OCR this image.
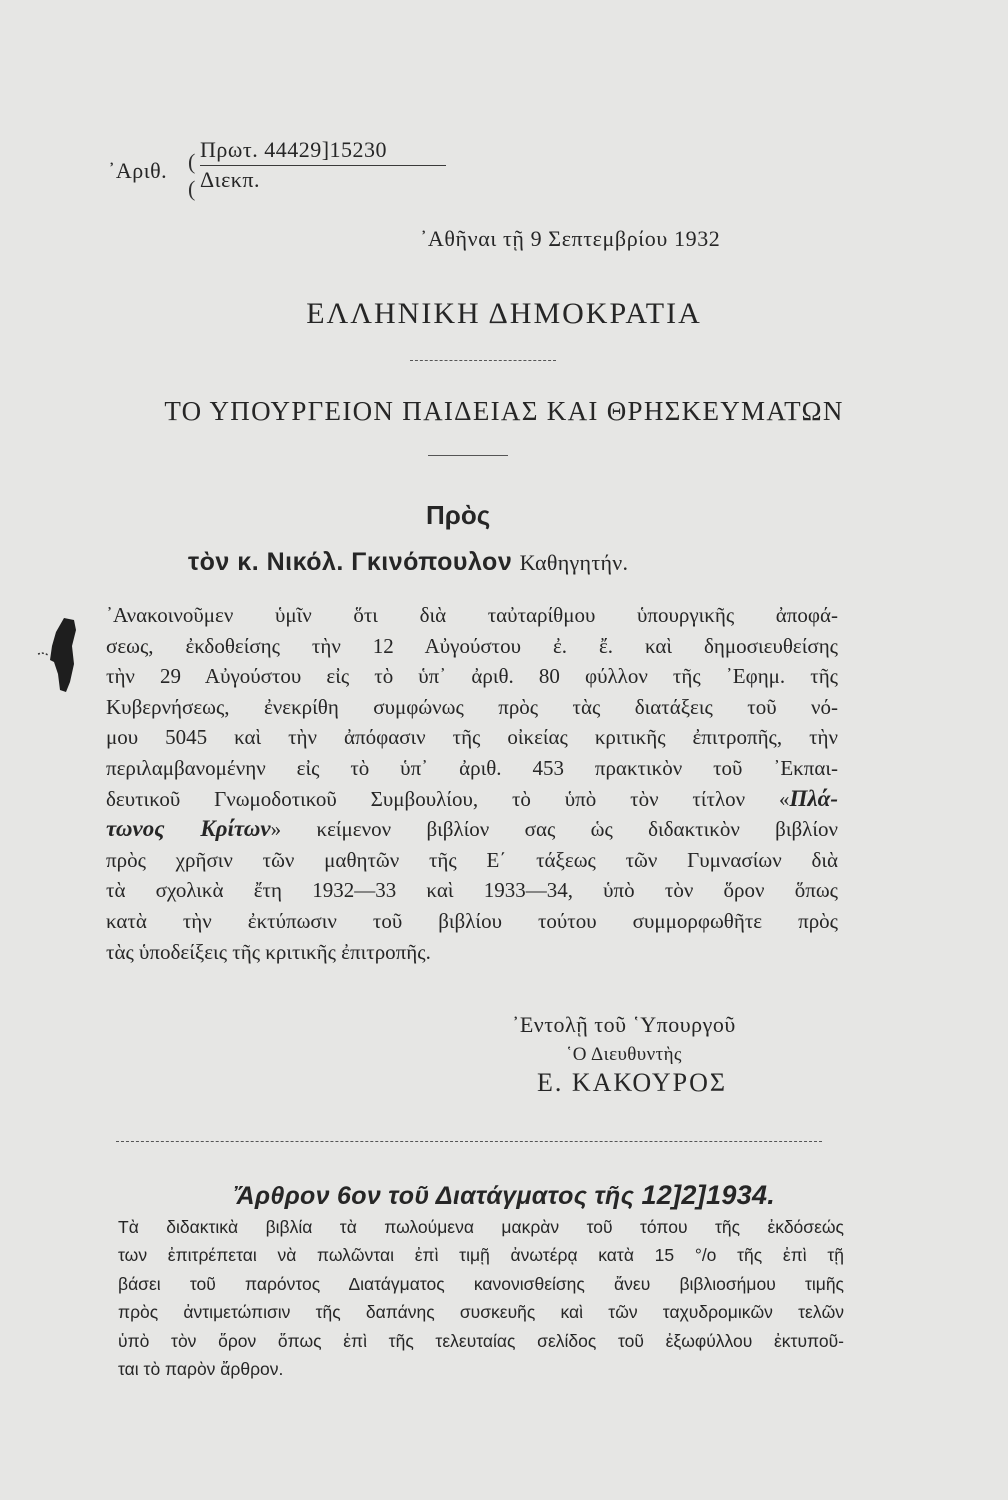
᾿Αριθ. (
(
Πρωτ. 44429]15230
Διεκπ.
᾿Αθῆναι τῇ 9 Σεπτεμβρίου 1932
ΕΛΛΗΝΙΚΗ ΔΗΜΟΚΡΑΤΙΑ
ΤΟ ΥΠΟΥΡΓΕΙΟΝ ΠΑΙΔΕΙΑΣ ΚΑΙ ΘΡΗΣΚΕΥΜΑΤΩΝ
Πρὸς
τὸν κ. Νικόλ. Γκινόπουλον Καθηγητήν.
᾿Ανακοινοῦμεν ὑμῖν ὅτι διὰ ταὐταρίθμου ὑπουργικῆς ἀποφά-
σεως, ἐκδοθείσης τὴν 12 Αὐγούστου ἐ. ἔ. καὶ δημοσιευθείσης
τὴν 29 Αὐγούστου εἰς τὸ ὑπ᾿ ἀριθ. 80 φύλλον τῆς ᾿Εφημ. τῆς
Κυβερνήσεως, ἐνεκρίθη συμφώνως πρὸς τὰς διατάξεις τοῦ νό-
μου 5045 καὶ τὴν ἀπόφασιν τῆς οἰκείας κριτικῆς ἐπιτροπῆς, τὴν
περιλαμβανομένην εἰς τὸ ὑπ᾿ ἀριθ. 453 πρακτικὸν τοῦ ᾿Εκπαι-
δευτικοῦ Γνωμοδοτικοῦ Συμβουλίου, τὸ ὑπὸ τὸν τίτλον «Πλά-
τωνος Κρίτων» κείμενον βιβλίον σας ὡς διδακτικὸν βιβλίον
πρὸς χρῆσιν τῶν μαθητῶν τῆς Ε΄ τάξεως τῶν Γυμνασίων διὰ
τὰ σχολικὰ ἔτη 1932—33 καὶ 1933—34, ὑπὸ τὸν ὅρον ὅπως
κατὰ τὴν ἐκτύπωσιν τοῦ βιβλίου τούτου συμμορφωθῆτε πρὸς
τὰς ὑποδείξεις τῆς κριτικῆς ἐπιτροπῆς.
᾿Εντολῇ τοῦ ῾Υπουργοῦ
῾Ο Διευθυντὴς
Ε. ΚΑΚΟΥΡΟΣ
Ἄρθρον 6ον τοῦ Διατάγματος τῆς 12]2]1934.
Τὰ διδακτικὰ βιβλία τὰ πωλούμενα μακρὰν τοῦ τόπου τῆς ἐκδόσεώς
των ἐπιτρέπεται νὰ πωλῶνται ἐπὶ τιμῇ ἀνωτέρᾳ κατὰ 15 °/ο τῆς ἐπὶ τῇ
βάσει τοῦ παρόντος Διατάγματος κανονισθείσης ἄνευ βιβλιοσήμου τιμῆς
πρὸς ἀντιμετώπισιν τῆς δαπάνης συσκευῆς καὶ τῶν ταχυδρομικῶν τελῶν
ὑπὸ τὸν ὅρον ὅπως ἐπὶ τῆς τελευταίας σελίδος τοῦ ἐξωφύλλου ἐκτυποῦ-
ται τὸ παρὸν ἄρθρον.
